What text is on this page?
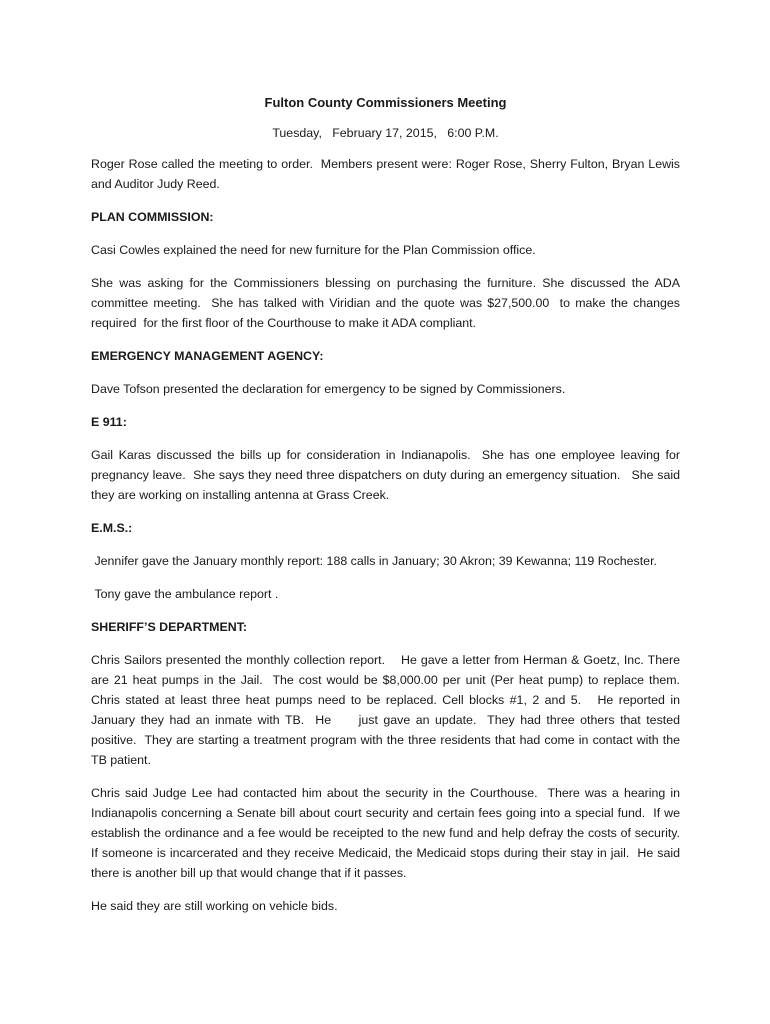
Fulton County Commissioners Meeting
Tuesday,   February 17, 2015,   6:00 P.M.
Roger Rose called the meeting to order.  Members present were: Roger Rose, Sherry Fulton, Bryan Lewis and Auditor Judy Reed.
PLAN COMMISSION:
Casi Cowles explained the need for new furniture for the Plan Commission office.
She was asking for the Commissioners blessing on purchasing the furniture. She discussed the ADA committee meeting.  She has talked with Viridian and the quote was $27,500.00  to make the changes required  for the first floor of the Courthouse to make it ADA compliant.
EMERGENCY MANAGEMENT AGENCY:
Dave Tofson presented the declaration for emergency to be signed by Commissioners.
E 911:
Gail Karas discussed the bills up for consideration in Indianapolis.  She has one employee leaving for pregnancy leave.  She says they need three dispatchers on duty during an emergency situation.   She said they are working on installing antenna at Grass Creek.
E.M.S.:
Jennifer gave the January monthly report: 188 calls in January; 30 Akron; 39 Kewanna; 119 Rochester.
Tony gave the ambulance report .
SHERIFF’S DEPARTMENT:
Chris Sailors presented the monthly collection report.    He gave a letter from Herman & Goetz, Inc. There are 21 heat pumps in the Jail.  The cost would be $8,000.00 per unit (Per heat pump) to replace them.  Chris stated at least three heat pumps need to be replaced. Cell blocks #1, 2 and 5.   He reported in January they had an inmate with TB.  He     just gave an update.  They had three others that tested positive.  They are starting a treatment program with the three residents that had come in contact with the TB patient.
Chris said Judge Lee had contacted him about the security in the Courthouse.  There was a hearing in Indianapolis concerning a Senate bill about court security and certain fees going into a special fund.  If we establish the ordinance and a fee would be receipted to the new fund and help defray the costs of security.  If someone is incarcerated and they receive Medicaid, the Medicaid stops during their stay in jail.  He said there is another bill up that would change that if it passes.
He said they are still working on vehicle bids.
